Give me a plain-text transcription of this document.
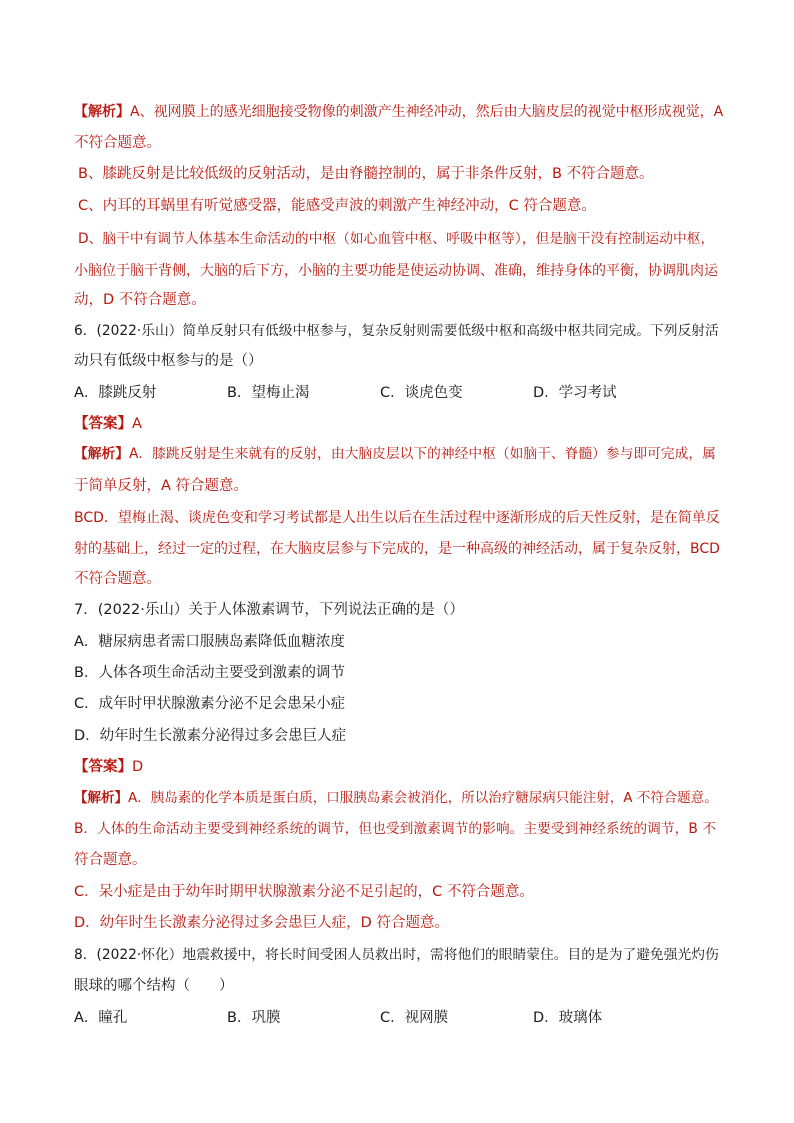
【解析】A、视网膜上的感光细胞接受物像的刺激产生神经冲动，然后由大脑皮层的视觉中枢形成视觉，A
不符合题意。
B、膝跳反射是比较低级的反射活动，是由脊髓控制的，属于非条件反射，B 不符合题意。
C、内耳的耳蜗里有听觉感受器，能感受声波的刺激产生神经冲动，C 符合题意。
D、脑干中有调节人体基本生命活动的中枢（如心血管中枢、呼吸中枢等），但是脑干没有控制运动中枢，
小脑位于脑干背侧，大脑的后下方，小脑的主要功能是使运动协调、准确，维持身体的平衡，协调肌肉运
动，D 不符合题意。
6．(2022·乐山）简单反射只有低级中枢参与，复杂反射则需要低级中枢和高级中枢共同完成。下列反射活
动只有低级中枢参与的是（）
A．膝跳反射	B．望梅止渴	C．谈虎色变	D．学习考试
【答案】A
【解析】A．膝跳反射是生来就有的反射，由大脑皮层以下的神经中枢（如脑干、脊髓）参与即可完成，属
于简单反射，A 符合题意。
BCD．望梅止渴、谈虎色变和学习考试都是人出生以后在生活过程中逐渐形成的后天性反射，是在简单反
射的基础上，经过一定的过程，在大脑皮层参与下完成的，是一种高级的神经活动，属于复杂反射，BCD
不符合题意。
7．(2022·乐山）关于人体激素调节，下列说法正确的是（）
A．糖尿病患者需口服胰岛素降低血糖浓度
B．人体各项生命活动主要受到激素的调节
C．成年时甲状腺激素分泌不足会患呆小症
D．幼年时生长激素分泌得过多会患巨人症
【答案】D
【解析】A．胰岛素的化学本质是蛋白质，口服胰岛素会被消化，所以治疗糖尿病只能注射，A 不符合题意。
B．人体的生命活动主要受到神经系统的调节，但也受到激素调节的影响。主要受到神经系统的调节，B 不
符合题意。
C．呆小症是由于幼年时期甲状腺激素分泌不足引起的，C 不符合题意。
D．幼年时生长激素分泌得过多会患巨人症，D 符合题意。
8．(2022·怀化）地震救援中，将长时间受困人员救出时，需将他们的眼睛蒙住。目的是为了避免强光灼伤
眼球的哪个结构（　　）
A．瞳孔	B．巩膜	C．视网膜	D．玻璃体
